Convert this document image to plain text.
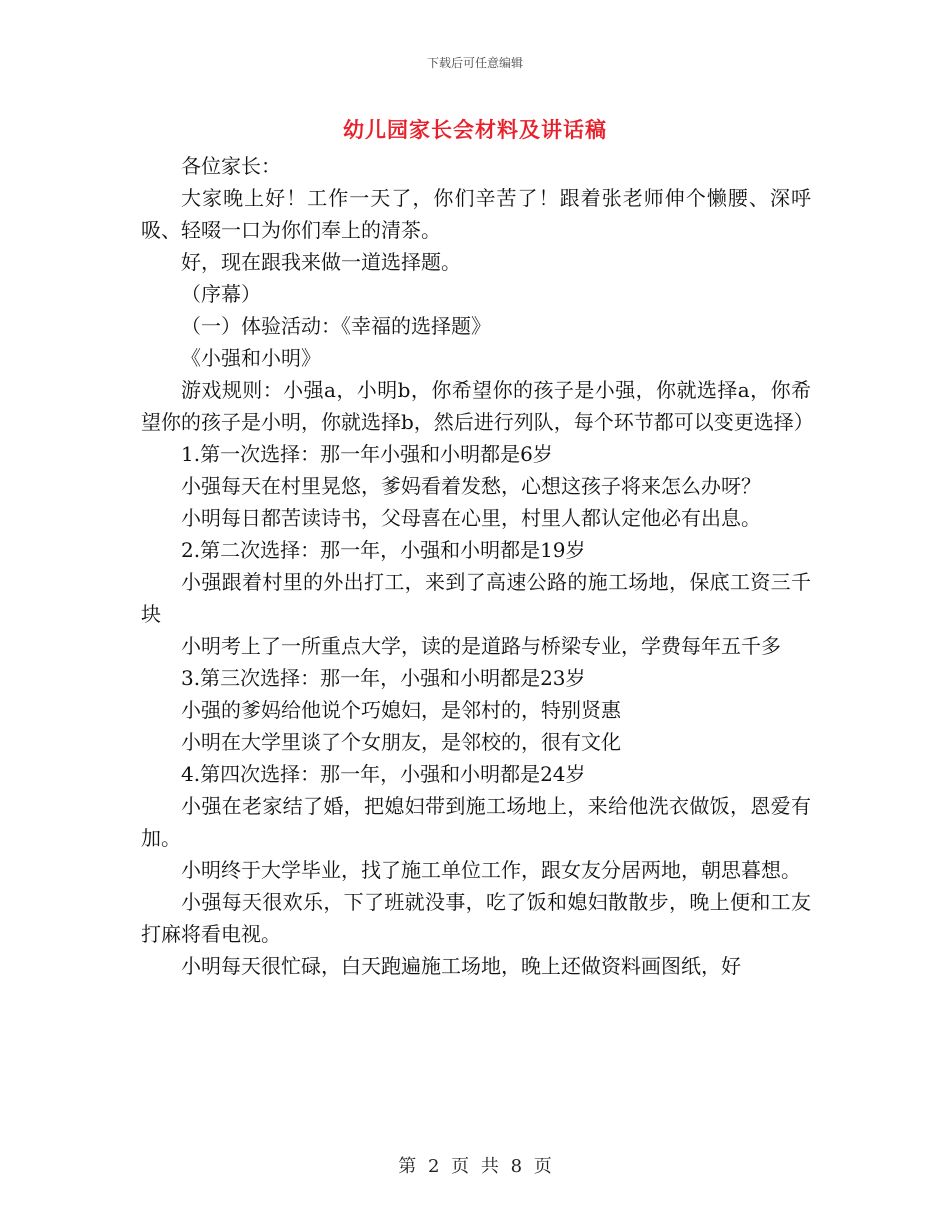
下载后可任意编辑
幼儿园家长会材料及讲话稿

各位家长：

大家晚上好！工作一天了，你们辛苦了！跟着张老师伸个懒腰、深呼吸、轻啜一口为你们奉上的清茶。

好，现在跟我来做一道选择题。

（序幕）

（一）体验活动：《幸福的选择题》

《小强和小明》

游戏规则：小强a，小明b，你希望你的孩子是小强，你就选择a，你希望你的孩子是小明，你就选择b，然后进行列队，每个环节都可以变更选择）

1.第一次选择：那一年小强和小明都是6岁

小强每天在村里晃悠，爹妈看着发愁，心想这孩子将来怎么办呀？

小明每日都苦读诗书，父母喜在心里，村里人都认定他必有出息。

2.第二次选择：那一年，小强和小明都是19岁

小强跟着村里的外出打工，来到了高速公路的施工场地，保底工资三千块

小明考上了一所重点大学，读的是道路与桥梁专业，学费每年五千多

3.第三次选择：那一年，小强和小明都是23岁

小强的爹妈给他说个巧媳妇，是邻村的，特别贤惠

小明在大学里谈了个女朋友，是邻校的，很有文化

4.第四次选择：那一年，小强和小明都是24岁

小强在老家结了婚，把媳妇带到施工场地上，来给他洗衣做饭，恩爱有加。

小明终于大学毕业，找了施工单位工作，跟女友分居两地，朝思暮想。

小强每天很欢乐，下了班就没事，吃了饭和媳妇散散步，晚上便和工友打麻将看电视。

小明每天很忙碌，白天跑遍施工场地，晚上还做资料画图纸，好

第 2 页 共 8 页
